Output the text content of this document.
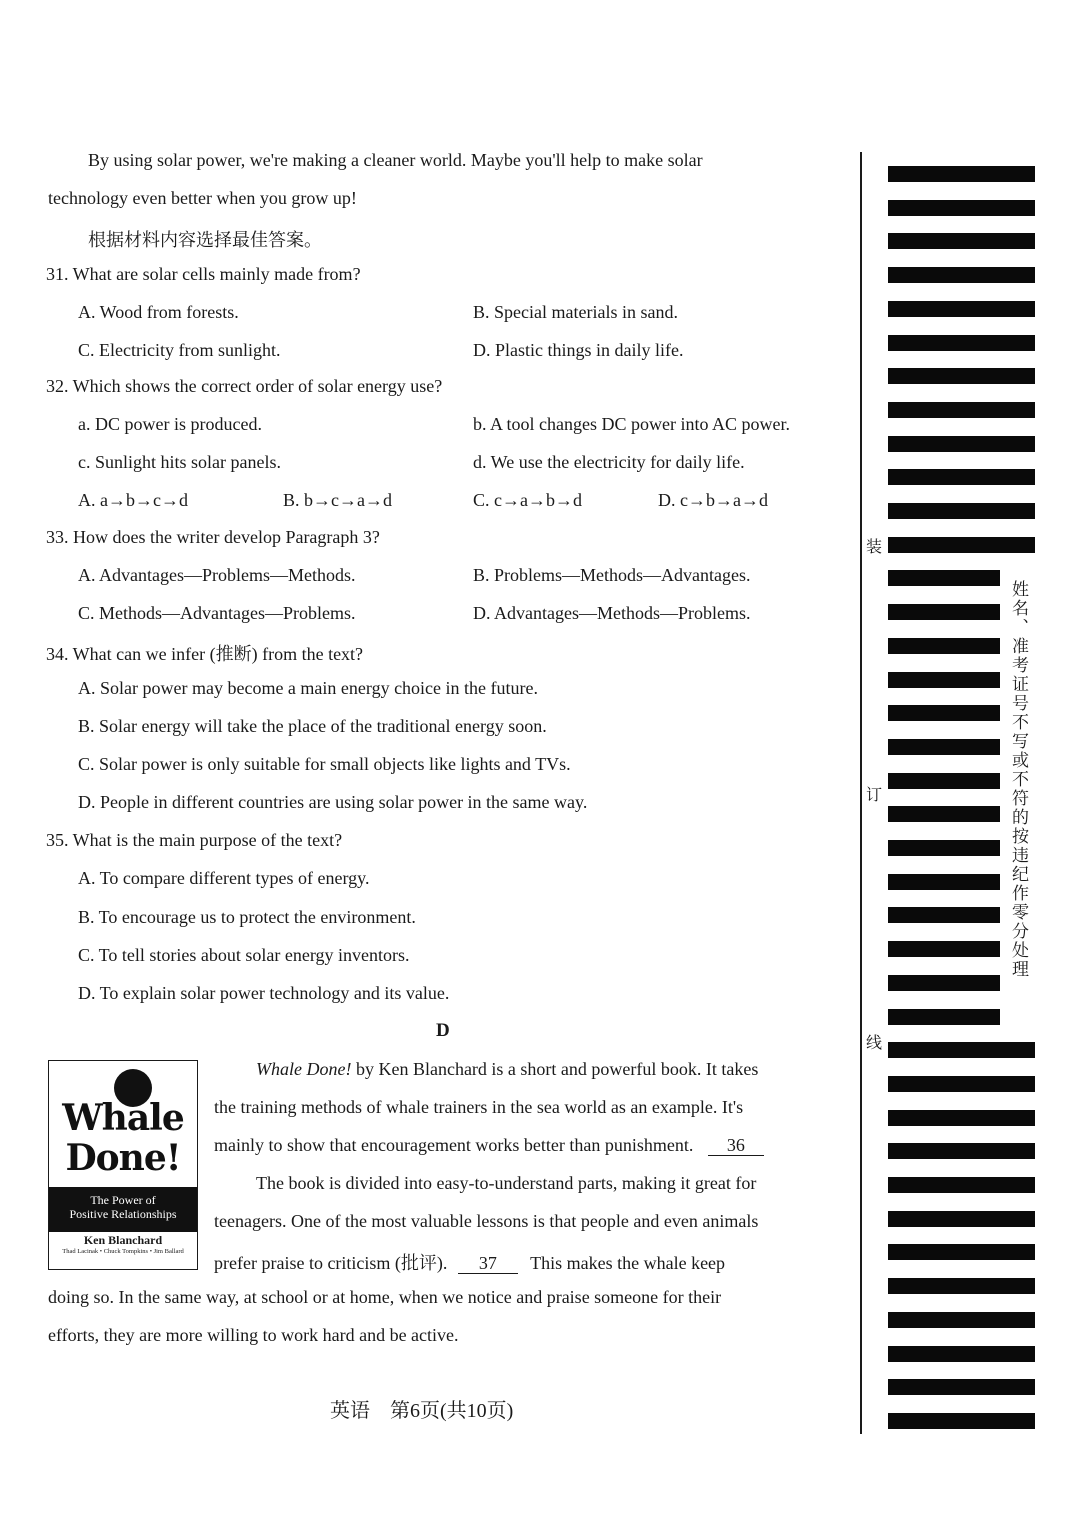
By using solar power, we're making a cleaner world. Maybe you'll help to make solar
technology even better when you grow up!
根据材料内容选择最佳答案。
31. What are solar cells mainly made from?
A. Wood from forests.	B. Special materials in sand.
C. Electricity from sunlight.	D. Plastic things in daily life.
32. Which shows the correct order of solar energy use?
a. DC power is produced.	b. A tool changes DC power into AC power.
c. Sunlight hits solar panels.	d. We use the electricity for daily life.
A. a→b→c→d	B. b→c→a→d	C. c→a→b→d	D. c→b→a→d
33. How does the writer develop Paragraph 3?
A. Advantages—Problems—Methods.	B. Problems—Methods—Advantages.
C. Methods—Advantages—Problems.	D. Advantages—Methods—Problems.
34. What can we infer (推断) from the text?
A. Solar power may become a main energy choice in the future.
B. Solar energy will take the place of the traditional energy soon.
C. Solar power is only suitable for small objects like lights and TVs.
D. People in different countries are using solar power in the same way.
35. What is the main purpose of the text?
A. To compare different types of energy.
B. To encourage us to protect the environment.
C. To tell stories about solar energy inventors.
D. To explain solar power technology and its value.
D
Whale
Done!
The Power of
Positive Relationships
Ken Blanchard
Thad Lacinak • Chuck Tompkins • Jim Ballard
Whale Done! by Ken Blanchard is a short and powerful book. It takes
the training methods of whale trainers in the sea world as an example. It's
mainly to show that encouragement works better than punishment. 36
The book is divided into easy-to-understand parts, making it great for
teenagers. One of the most valuable lessons is that people and even animals
prefer praise to criticism (批评). 37 This makes the whale keep
doing so. In the same way, at school or at home, when we notice and praise someone for their
efforts, they are more willing to work hard and be active.
英语　第6页(共10页)
装
订
线
姓名、准考证号不写或不符的按违纪作零分处理
